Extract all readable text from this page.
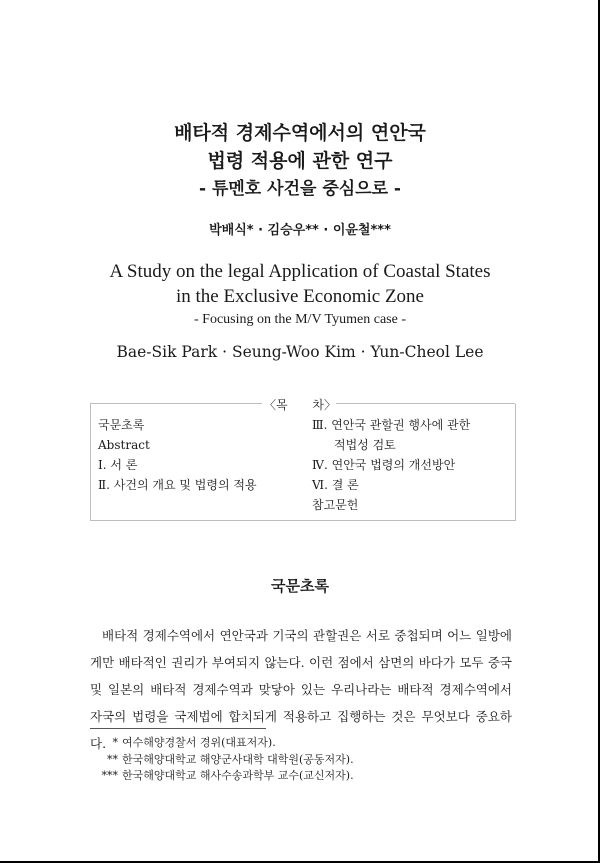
배타적 경제수역에서의 연안국
법령 적용에 관한 연구
- 튜멘호 사건을 중심으로 -
박배식* · 김승우** · 이윤철***
A Study on the legal Application of Coastal States
in the Exclusive Economic Zone
- Focusing on the M/V Tyumen case -
Bae-Sik Park · Seung-Woo Kim · Yun-Cheol Lee
〈목 차〉
국문초록
Abstract
Ⅰ. 서 론
Ⅱ. 사건의 개요 및 법령의 적용
Ⅲ. 연안국 관할권 행사에 관한
적법성 검토
Ⅳ. 연안국 법령의 개선방안
Ⅵ. 결 론
참고문헌
국문초록
배타적 경제수역에서 연안국과 기국의 관할권은 서로 중첩되며 어느 일방에게만 배타적인 권리가 부여되지 않는다. 이런 점에서 삼면의 바다가 모두 중국 및 일본의 배타적 경제수역과 맞닿아 있는 우리나라는 배타적 경제수역에서 자국의 법령을 국제법에 합치되게 적용하고 집행하는 것은 무엇보다 중요하다. * 여수해양경찰서 경위(대표저자).
** 한국해양대학교 해양군사대학 대학원(공동저자).
*** 한국해양대학교 해사수송과학부 교수(교신저자).
